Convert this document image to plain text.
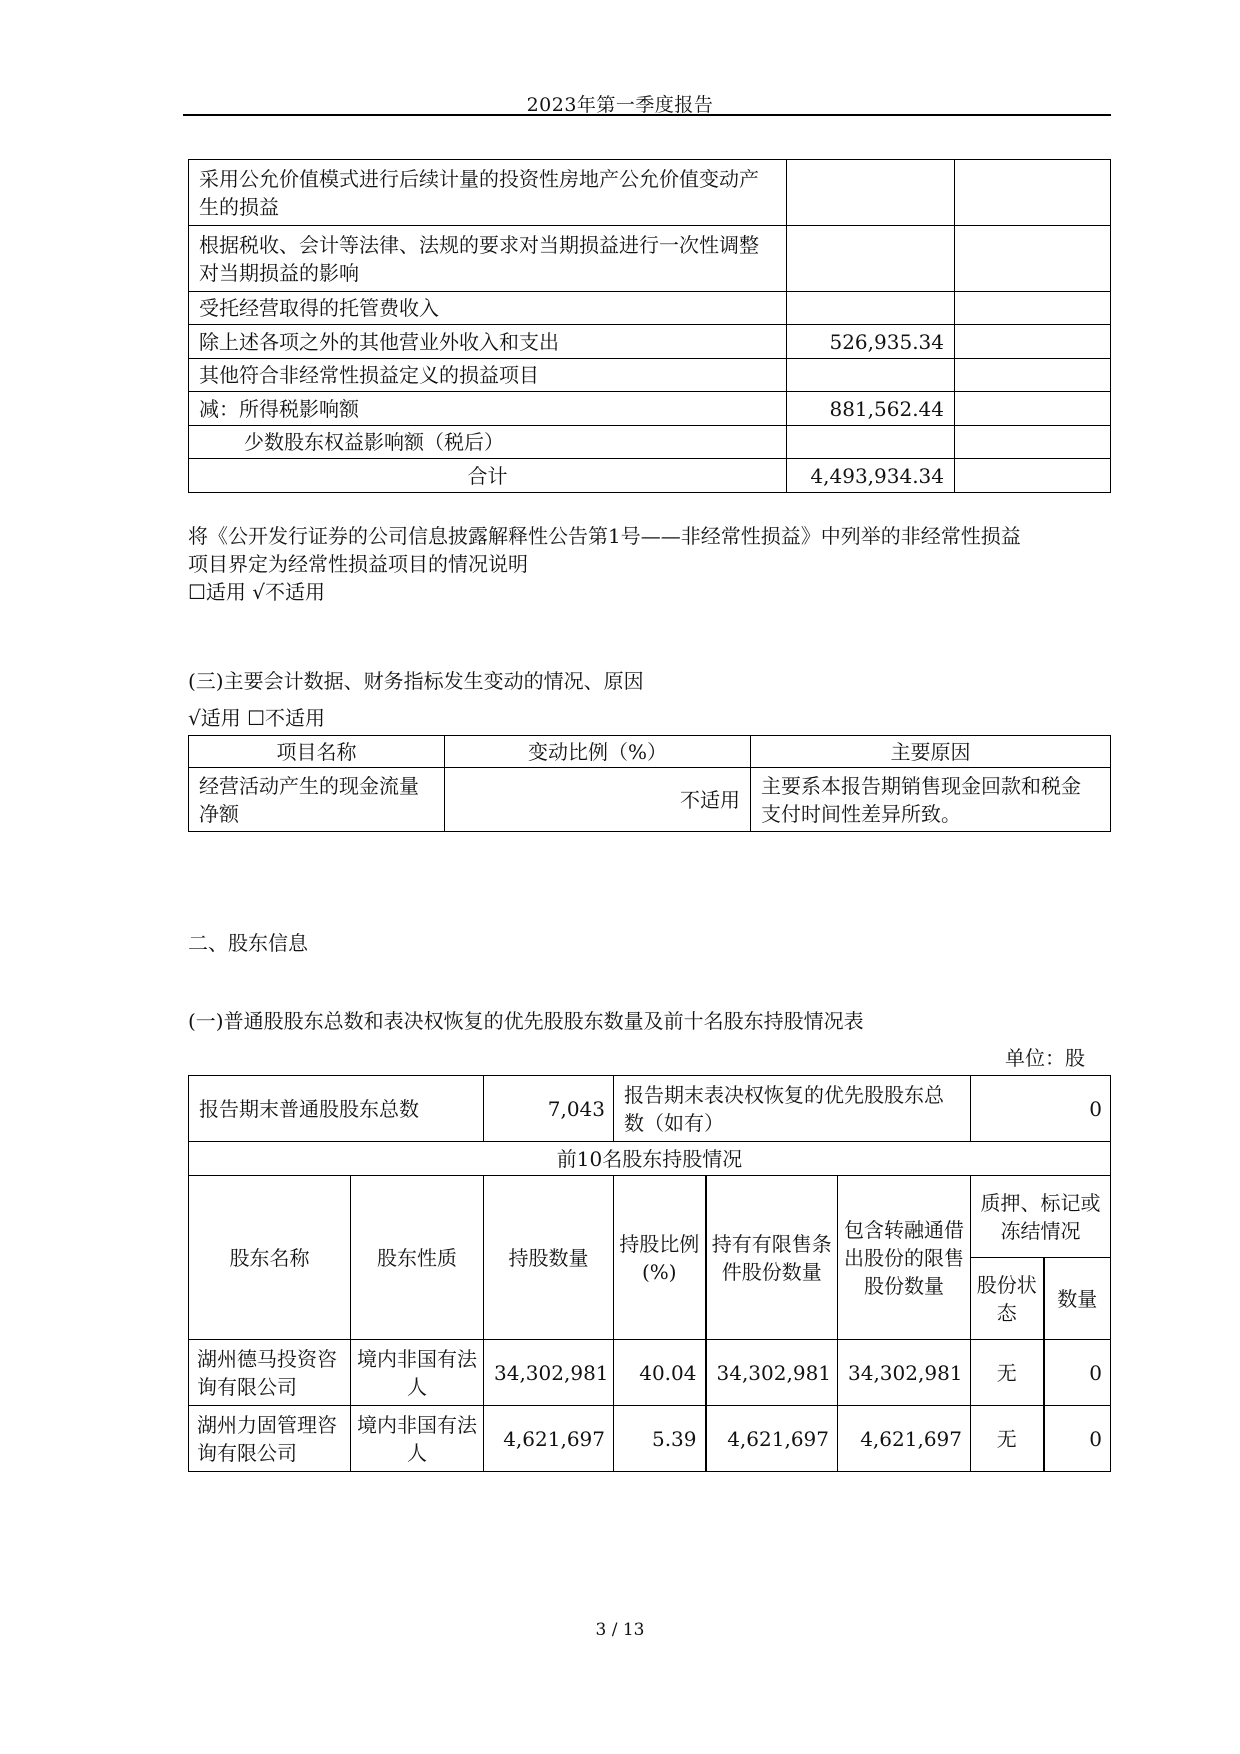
2023年第一季度报告
采用公允价值模式进行后续计量的投资性房地产公允价值变动产生的损益		
根据税收、会计等法律、法规的要求对当期损益进行一次性调整对当期损益的影响		
受托经营取得的托管费收入		
除上述各项之外的其他营业外收入和支出	526,935.34	
其他符合非经常性损益定义的损益项目		
减：所得税影响额	881,562.44	
少数股东权益影响额（税后）		
合计	4,493,934.34	
将《公开发行证券的公司信息披露解释性公告第1号——非经常性损益》中列举的非经常性损益
项目界定为经常性损益项目的情况说明
☐适用 √不适用
(三)主要会计数据、财务指标发生变动的情况、原因
√适用 ☐不适用
项目名称	变动比例（%）	主要原因
经营活动产生的现金流量净额	不适用	主要系本报告期销售现金回款和税金支付时间性差异所致。
二、股东信息
(一)普通股股东总数和表决权恢复的优先股股东数量及前十名股东持股情况表
单位：股
报告期末普通股股东总数		7,043	报告期末表决权恢复的优先股股东总数（如有）			0	
前10名股东持股情况							
股东名称	股东性质	持股数量	持股比例(%)	持有有限售条件股份数量	包含转融通借出股份的限售股份数量	质押、标记或冻结情况	
						股份状态	数量
湖州德马投资咨询有限公司	境内非国有法人	34,302,981	40.04	34,302,981	34,302,981	无	0
湖州力固管理咨询有限公司	境内非国有法人	4,621,697	5.39	4,621,697	4,621,697	无	0
3 / 13
